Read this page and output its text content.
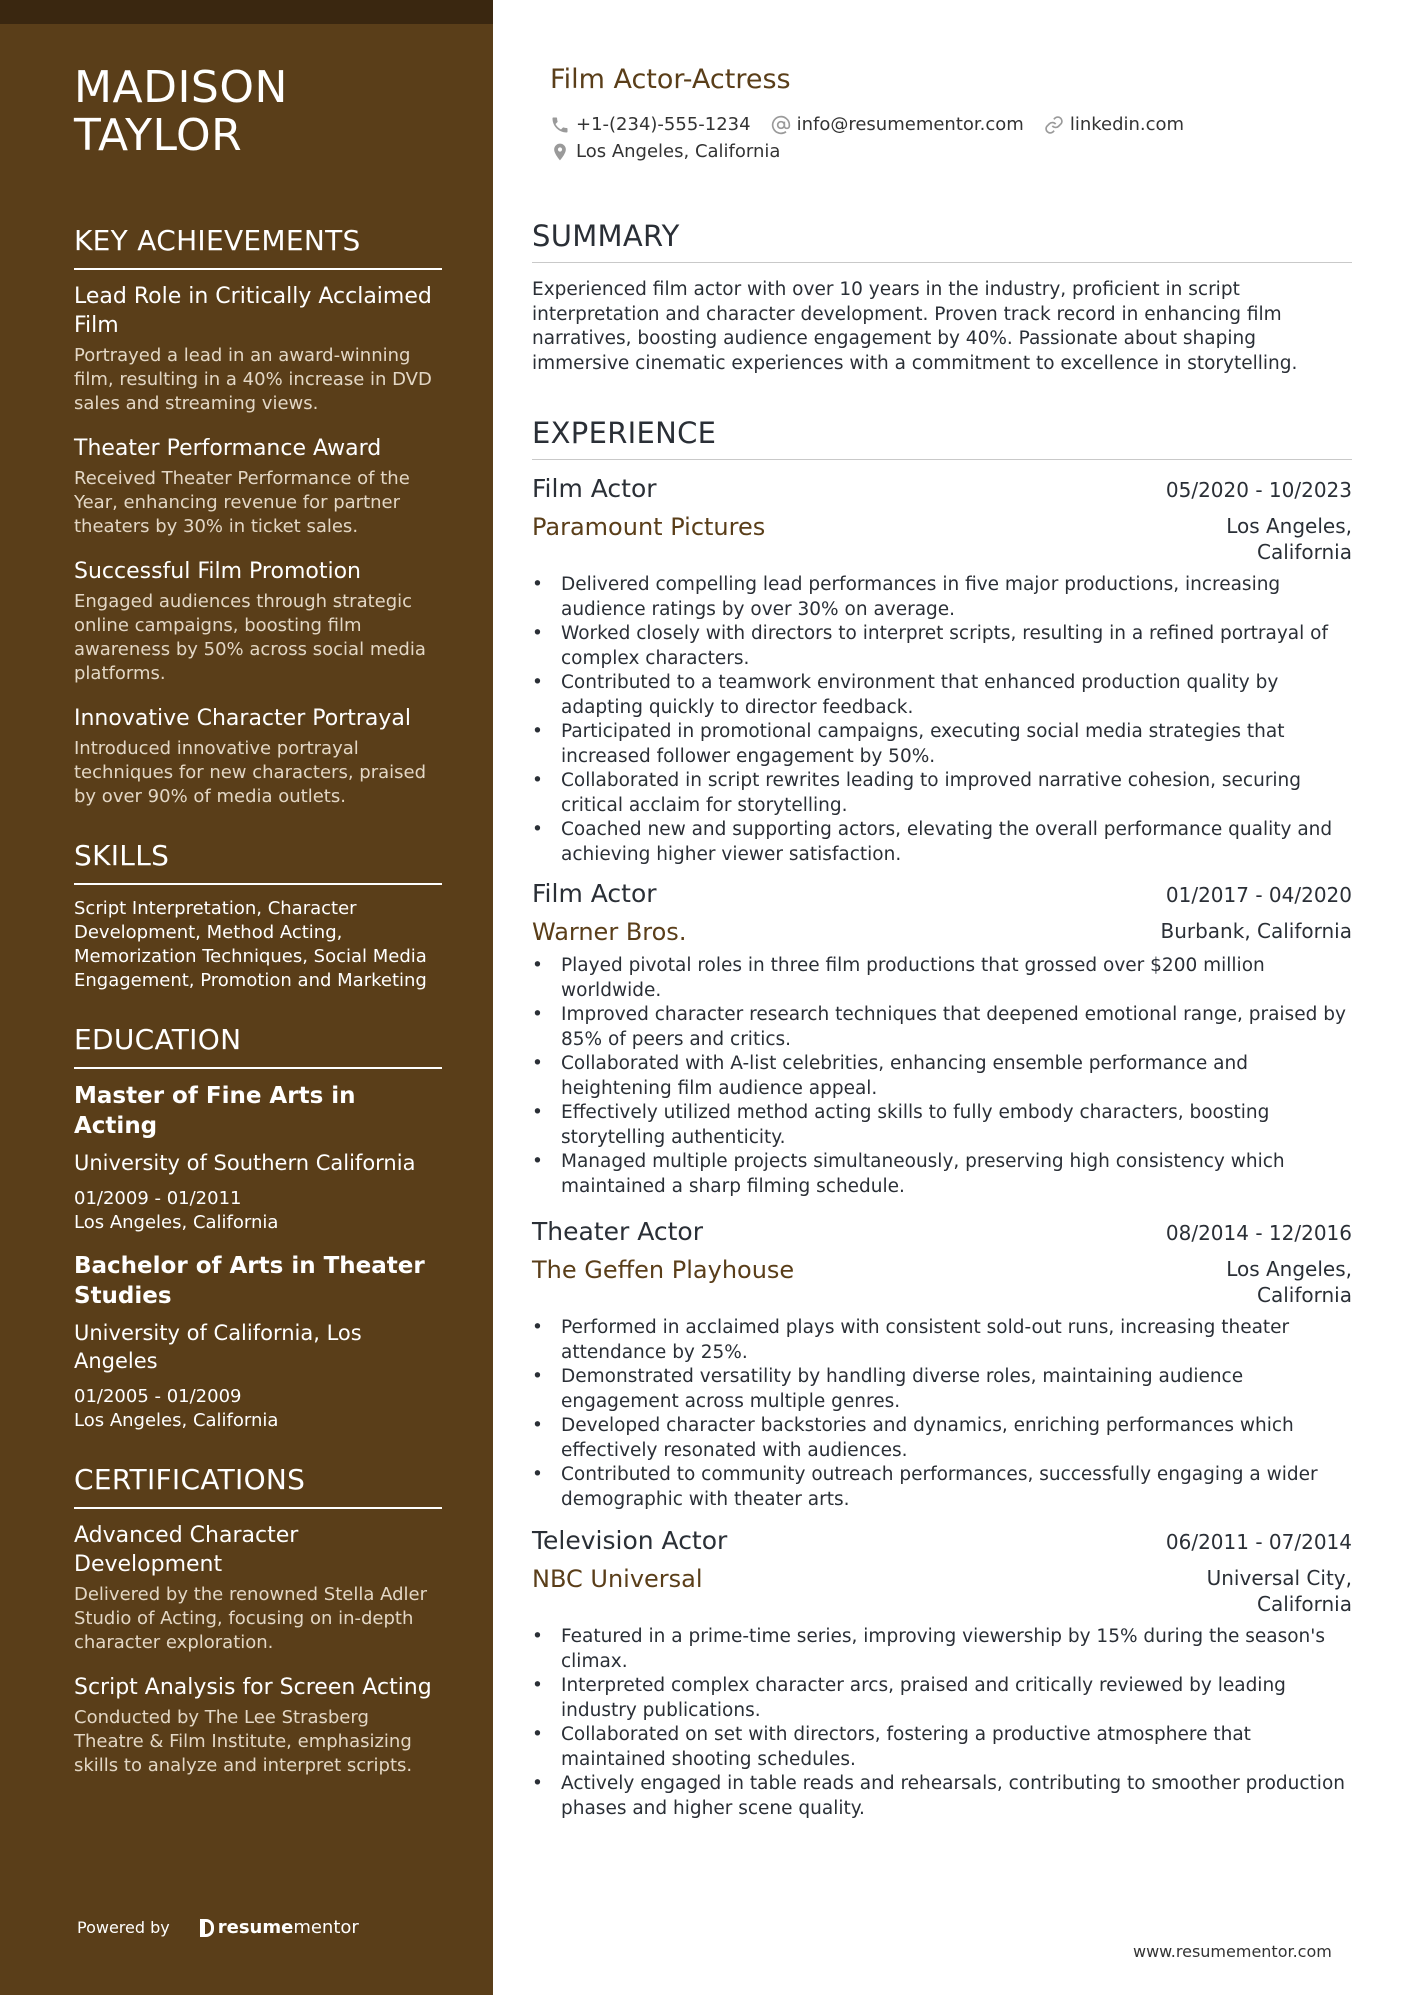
MADISON
TAYLOR
KEY ACHIEVEMENTS
Lead Role in Critically Acclaimed Film
Portrayed a lead in an award-winning film, resulting in a 40% increase in DVD sales and streaming views.
Theater Performance Award
Received Theater Performance of the Year, enhancing revenue for partner theaters by 30% in ticket sales.
Successful Film Promotion
Engaged audiences through strategic online campaigns, boosting film awareness by 50% across social media platforms.
Innovative Character Portrayal
Introduced innovative portrayal techniques for new characters, praised by over 90% of media outlets.
SKILLS
Script Interpretation, Character Development, Method Acting, Memorization Techniques, Social Media Engagement, Promotion and Marketing
EDUCATION
Master of Fine Arts in Acting
University of Southern California
01/2009 - 01/2011
Los Angeles, California
Bachelor of Arts in Theater Studies
University of California, Los Angeles
01/2005 - 01/2009
Los Angeles, California
CERTIFICATIONS
Advanced Character Development
Delivered by the renowned Stella Adler Studio of Acting, focusing on in-depth character exploration.
Script Analysis for Screen Acting
Conducted by The Lee Strasberg Theatre & Film Institute, emphasizing skills to analyze and interpret scripts.
Powered by	resume mentor
Film Actor-Actress
+1-(234)-555-1234	info@resumementor.com	linkedin.com
Los Angeles, California
SUMMARY
Experienced film actor with over 10 years in the industry, proficient in script interpretation and character development. Proven track record in enhancing film narratives, boosting audience engagement by 40%. Passionate about shaping immersive cinematic experiences with a commitment to excellence in storytelling.
EXPERIENCE
Film Actor	05/2020 - 10/2023
Paramount Pictures	Los Angeles,
California
• Delivered compelling lead performances in five major productions, increasing audience ratings by over 30% on average.
• Worked closely with directors to interpret scripts, resulting in a refined portrayal of complex characters.
• Contributed to a teamwork environment that enhanced production quality by adapting quickly to director feedback.
• Participated in promotional campaigns, executing social media strategies that increased follower engagement by 50%.
• Collaborated in script rewrites leading to improved narrative cohesion, securing critical acclaim for storytelling.
• Coached new and supporting actors, elevating the overall performance quality and achieving higher viewer satisfaction.
Film Actor	01/2017 - 04/2020
Warner Bros.	Burbank, California
• Played pivotal roles in three film productions that grossed over $200 million worldwide.
• Improved character research techniques that deepened emotional range, praised by 85% of peers and critics.
• Collaborated with A-list celebrities, enhancing ensemble performance and heightening film audience appeal.
• Effectively utilized method acting skills to fully embody characters, boosting storytelling authenticity.
• Managed multiple projects simultaneously, preserving high consistency which maintained a sharp filming schedule.
Theater Actor	08/2014 - 12/2016
The Geffen Playhouse	Los Angeles,
California
• Performed in acclaimed plays with consistent sold-out runs, increasing theater attendance by 25%.
• Demonstrated versatility by handling diverse roles, maintaining audience engagement across multiple genres.
• Developed character backstories and dynamics, enriching performances which effectively resonated with audiences.
• Contributed to community outreach performances, successfully engaging a wider demographic with theater arts.
Television Actor	06/2011 - 07/2014
NBC Universal	Universal City,
California
• Featured in a prime-time series, improving viewership by 15% during the season's climax.
• Interpreted complex character arcs, praised and critically reviewed by leading industry publications.
• Collaborated on set with directors, fostering a productive atmosphere that maintained shooting schedules.
• Actively engaged in table reads and rehearsals, contributing to smoother production phases and higher scene quality.
www.resumementor.com
